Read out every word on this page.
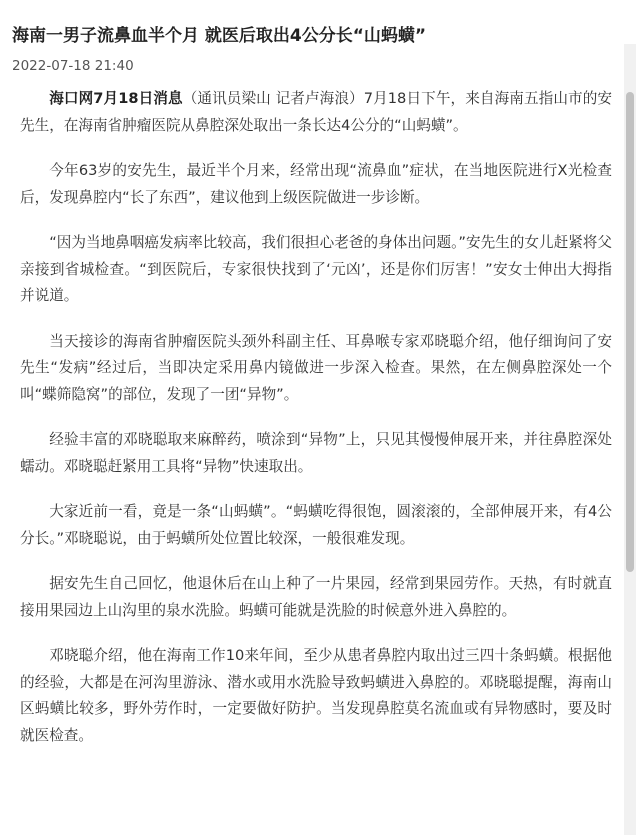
海南一男子流鼻血半个月 就医后取出4公分长“山蚂蟥”
2022-07-18 21:40

海口网7月18日消息（通讯员梁山 记者卢海浪）7月18日下午，来自海南五指山市的安先生，在海南省肿瘤医院从鼻腔深处取出一条长达4公分的“山蚂蟥”。

今年63岁的安先生，最近半个月来，经常出现“流鼻血”症状，在当地医院进行X光检查后，发现鼻腔内“长了东西”，建议他到上级医院做进一步诊断。

“因为当地鼻咽癌发病率比较高，我们很担心老爸的身体出问题。”安先生的女儿赶紧将父亲接到省城检查。“到医院后，专家很快找到了‘元凶’，还是你们厉害！”安女士伸出大拇指并说道。

当天接诊的海南省肿瘤医院头颈外科副主任、耳鼻喉专家邓晓聪介绍，他仔细询问了安先生“发病”经过后，当即决定采用鼻内镜做进一步深入检查。果然，在左侧鼻腔深处一个叫“蝶筛隐窝”的部位，发现了一团“异物”。

经验丰富的邓晓聪取来麻醉药，喷涂到“异物”上，只见其慢慢伸展开来，并往鼻腔深处蠕动。邓晓聪赶紧用工具将“异物”快速取出。

大家近前一看，竟是一条“山蚂蟥”。“蚂蟥吃得很饱，圆滚滚的，全部伸展开来，有4公分长。”邓晓聪说，由于蚂蟥所处位置比较深，一般很难发现。

据安先生自己回忆，他退休后在山上种了一片果园，经常到果园劳作。天热，有时就直接用果园边上山沟里的泉水洗脸。蚂蟥可能就是洗脸的时候意外进入鼻腔的。

邓晓聪介绍，他在海南工作10来年间，至少从患者鼻腔内取出过三四十条蚂蟥。根据他的经验，大都是在河沟里游泳、潜水或用水洗脸导致蚂蟥进入鼻腔的。邓晓聪提醒，海南山区蚂蟥比较多，野外劳作时，一定要做好防护。当发现鼻腔莫名流血或有异物感时，要及时就医检查。
